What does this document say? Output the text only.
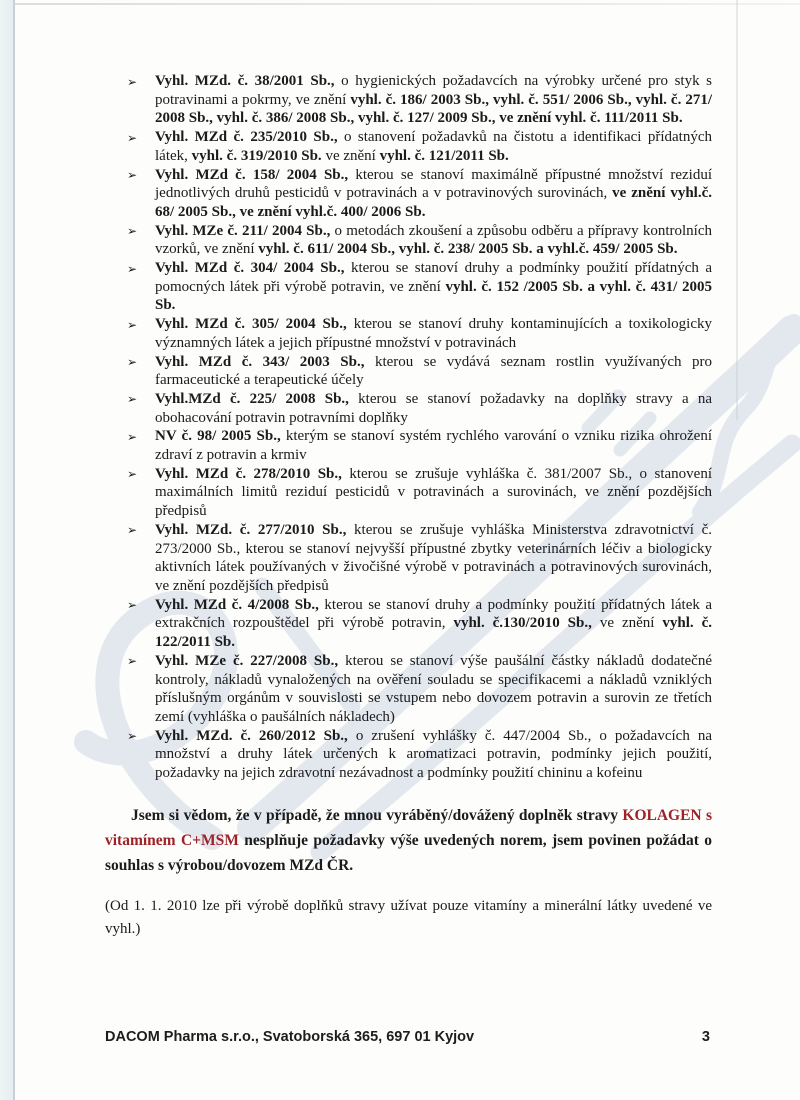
➢ Vyhl. MZd. č. 38/2001 Sb., o hygienických požadavcích na výrobky určené pro styk s potravinami a pokrmy, ve znění vyhl. č. 186/ 2003 Sb., vyhl. č. 551/ 2006 Sb., vyhl. č. 271/ 2008 Sb., vyhl. č. 386/ 2008 Sb., vyhl. č. 127/ 2009 Sb., ve znění vyhl. č. 111/2011 Sb.
➢ Vyhl. MZd č. 235/2010 Sb., o stanovení požadavků na čistotu a identifikaci přídatných látek, vyhl. č. 319/2010 Sb. ve znění vyhl. č. 121/2011 Sb.
➢ Vyhl. MZd č. 158/ 2004 Sb., kterou se stanoví maximálně přípustné množství reziduí jednotlivých druhů pesticidů v potravinách a v potravinových surovinách, ve znění vyhl.č. 68/ 2005 Sb., ve znění vyhl.č. 400/ 2006 Sb.
➢ Vyhl. MZe č. 211/ 2004 Sb., o metodách zkoušení a způsobu odběru a přípravy kontrolních vzorků, ve znění vyhl. č. 611/ 2004 Sb., vyhl. č. 238/ 2005 Sb. a vyhl.č. 459/ 2005 Sb.
➢ Vyhl. MZd č. 304/ 2004 Sb., kterou se stanoví druhy a podmínky použití přídatných a pomocných látek při výrobě potravin, ve znění vyhl. č. 152 /2005 Sb. a vyhl. č. 431/ 2005 Sb.
➢ Vyhl. MZd č. 305/ 2004 Sb., kterou se stanoví druhy kontaminujících a toxikologicky významných látek a jejich přípustné množství v potravinách
➢ Vyhl. MZd č. 343/ 2003 Sb., kterou se vydává seznam rostlin využívaných pro farmaceutické a terapeutické účely
➢ Vyhl.MZd č. 225/ 2008 Sb., kterou se stanoví požadavky na doplňky stravy a na obohacování potravin potravními doplňky
➢ NV č. 98/ 2005 Sb., kterým se stanoví systém rychlého varování o vzniku rizika ohrožení zdraví z potravin a krmiv
➢ Vyhl. MZd č. 278/2010 Sb., kterou se zrušuje vyhláška č. 381/2007 Sb., o stanovení maximálních limitů reziduí pesticidů v potravinách a surovinách, ve znění pozdějších předpisů
➢ Vyhl. MZd. č. 277/2010 Sb., kterou se zrušuje vyhláška Ministerstva zdravotnictví č. 273/2000 Sb., kterou se stanoví nejvyšší přípustné zbytky veterinárních léčiv a biologicky aktivních látek používaných v živočišné výrobě v potravinách a potravinových surovinách, ve znění pozdějších předpisů
➢ Vyhl. MZd č. 4/2008 Sb., kterou se stanoví druhy a podmínky použití přídatných látek a extrakčních rozpouštědel při výrobě potravin, vyhl. č.130/2010 Sb., ve znění vyhl. č. 122/2011 Sb.
➢ Vyhl. MZe č. 227/2008 Sb., kterou se stanoví výše paušální částky nákladů dodatečné kontroly, nákladů vynaložených na ověření souladu se specifikacemi a nákladů vzniklých příslušným orgánům v souvislosti se vstupem nebo dovozem potravin a surovin ze třetích zemí (vyhláška o paušálních nákladech)
➢ Vyhl. MZd. č. 260/2012 Sb., o zrušení vyhlášky č. 447/2004 Sb., o požadavcích na množství a druhy látek určených k aromatizaci potravin, podmínky jejich použití, požadavky na jejich zdravotní nezávadnost a podmínky použití chininu a kofeinu

Jsem si vědom, že v případě, že mnou vyráběný/dovážený doplněk stravy KOLAGEN s vitamínem C+MSM nesplňuje požadavky výše uvedených norem, jsem povinen požádat o souhlas s výrobou/dovozem MZd ČR.

(Od 1. 1. 2010 lze při výrobě doplňků stravy užívat pouze vitamíny a minerální látky uvedené ve vyhl.)

DACOM Pharma s.r.o., Svatoborská 365, 697 01 Kyjov	3
